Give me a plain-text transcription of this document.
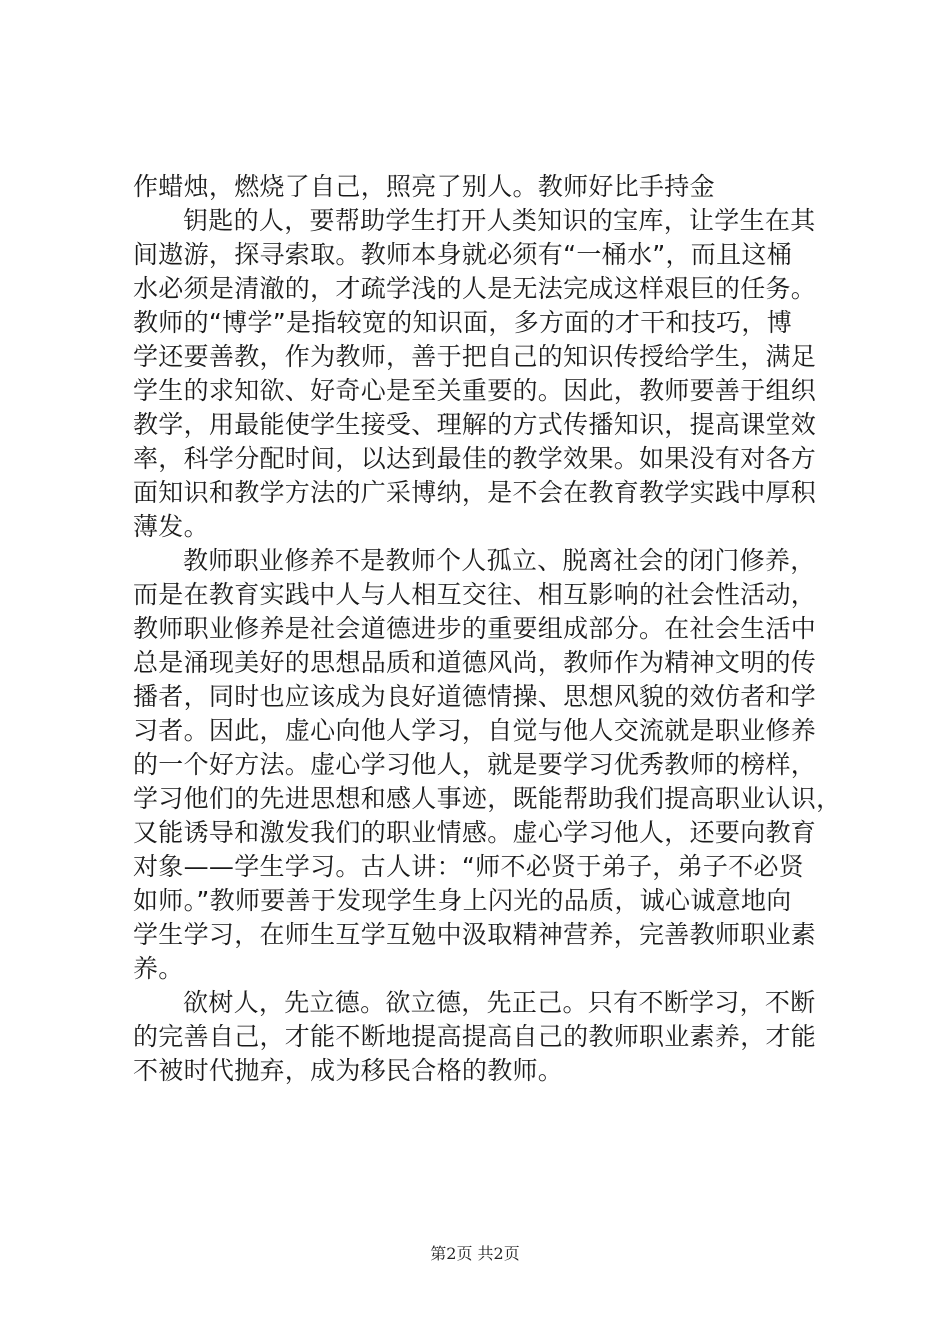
作蜡烛，燃烧了自己，照亮了别人。教师好比手持金
钥匙的人，要帮助学生打开人类知识的宝库，让学生在其
间遨游，探寻索取。教师本身就必须有“一桶水”，而且这桶
水必须是清澈的，才疏学浅的人是无法完成这样艰巨的任务。
教师的“博学”是指较宽的知识面，多方面的才干和技巧，博
学还要善教，作为教师，善于把自己的知识传授给学生，满足
学生的求知欲、好奇心是至关重要的。因此，教师要善于组织
教学，用最能使学生接受、理解的方式传播知识，提高课堂效
率，科学分配时间，以达到最佳的教学效果。如果没有对各方
面知识和教学方法的广采博纳，是不会在教育教学实践中厚积
薄发。
教师职业修养不是教师个人孤立、脱离社会的闭门修养，
而是在教育实践中人与人相互交往、相互影响的社会性活动，
教师职业修养是社会道德进步的重要组成部分。在社会生活中
总是涌现美好的思想品质和道德风尚，教师作为精神文明的传
播者，同时也应该成为良好道德情操、思想风貌的效仿者和学
习者。因此，虚心向他人学习，自觉与他人交流就是职业修养
的一个好方法。虚心学习他人，就是要学习优秀教师的榜样，
学习他们的先进思想和感人事迹，既能帮助我们提高职业认识，
又能诱导和激发我们的职业情感。虚心学习他人，还要向教育
对象——学生学习。古人讲：“师不必贤于弟子，弟子不必贤
如师。”教师要善于发现学生身上闪光的品质，诚心诚意地向
学生学习，在师生互学互勉中汲取精神营养，完善教师职业素
养。
欲树人，先立德。欲立德，先正己。只有不断学习，不断
的完善自己，才能不断地提高提高自己的教师职业素养，才能
不被时代抛弃，成为移民合格的教师。
第2页 共2页
